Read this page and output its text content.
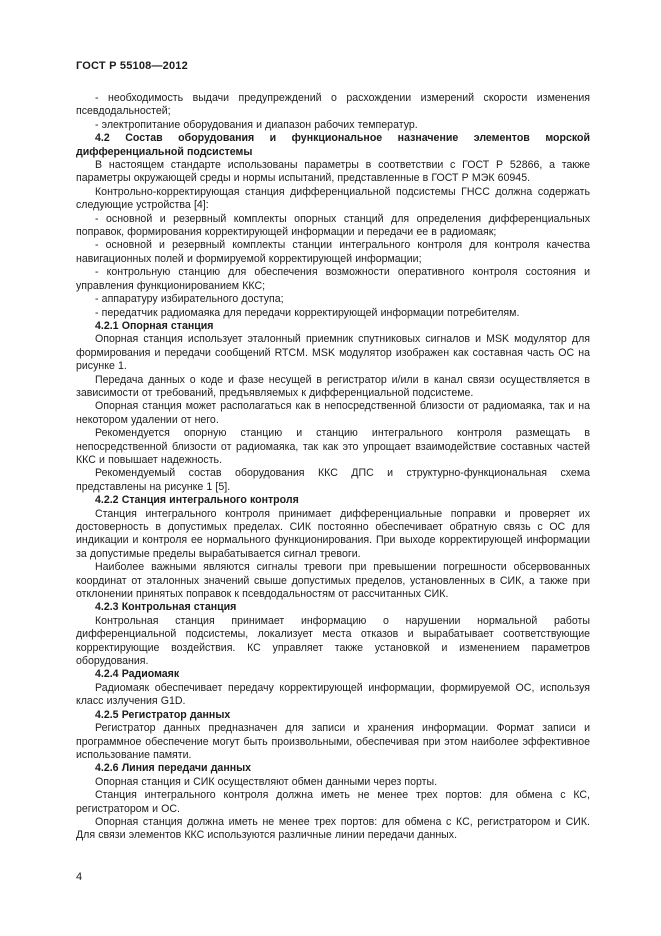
ГОСТ Р 55108—2012

- необходимость выдачи предупреждений о расхождении измерений скорости изменения псевдодальностей;

- электропитание оборудования и диапазон рабочих температур.

4.2 Состав оборудования и функциональное назначение элементов морской дифференциальной подсистемы

В настоящем стандарте использованы параметры в соответствии с ГОСТ Р 52866, а также параметры окружающей среды и нормы испытаний, представленные в ГОСТ Р МЭК 60945.

Контрольно-корректирующая станция дифференциальной подсистемы ГНСС должна содержать следующие устройства [4]:

- основной и резервный комплекты опорных станций для определения дифференциальных поправок, формирования корректирующей информации и передачи ее в радиомаяк;

- основной и резервный комплекты станции интегрального контроля для контроля качества навигационных полей и формируемой корректирующей информации;

- контрольную станцию для обеспечения возможности оперативного контроля состояния и управления функционированием ККС;

- аппаратуру избирательного доступа;

- передатчик радиомаяка для передачи корректирующей информации потребителям.

4.2.1 Опорная станция

Опорная станция использует эталонный приемник спутниковых сигналов и MSK модулятор для формирования и передачи сообщений RTCM. MSK модулятор изображен как составная часть ОС на рисунке 1.

Передача данных о коде и фазе несущей в регистратор и/или в канал связи осуществляется в зависимости от требований, предъявляемых к дифференциальной подсистеме.

Опорная станция может располагаться как в непосредственной близости от радиомаяка, так и на некотором удалении от него.

Рекомендуется опорную станцию и станцию интегрального контроля размещать в непосредственной близости от радиомаяка, так как это упрощает взаимодействие составных частей ККС и повышает надежность.

Рекомендуемый состав оборудования ККС ДПС и структурно-функциональная схема представлены на рисунке 1 [5].

4.2.2 Станция интегрального контроля

Станция интегрального контроля принимает дифференциальные поправки и проверяет их достоверность в допустимых пределах. СИК постоянно обеспечивает обратную связь с ОС для индикации и контроля ее нормального функционирования. При выходе корректирующей информации за допустимые пределы вырабатывается сигнал тревоги.

Наиболее важными являются сигналы тревоги при превышении погрешности обсервованных координат от эталонных значений свыше допустимых пределов, установленных в СИК, а также при отклонении принятых поправок к псевдодальностям от рассчитанных СИК.

4.2.3 Контрольная станция

Контрольная станция принимает информацию о нарушении нормальной работы дифференциальной подсистемы, локализует места отказов и вырабатывает соответствующие корректирующие воздействия. КС управляет также установкой и изменением параметров оборудования.

4.2.4 Радиомаяк

Радиомаяк обеспечивает передачу корректирующей информации, формируемой ОС, используя класс излучения G1D.

4.2.5 Регистратор данных

Регистратор данных предназначен для записи и хранения информации. Формат записи и программное обеспечение могут быть произвольными, обеспечивая при этом наиболее эффективное использование памяти.

4.2.6 Линия передачи данных

Опорная станция и СИК осуществляют обмен данными через порты.

Станция интегрального контроля должна иметь не менее трех портов: для обмена с КС, регистратором и ОС.

Опорная станция должна иметь не менее трех портов: для обмена с КС, регистратором и СИК. Для связи элементов ККС используются различные линии передачи данных.

4
